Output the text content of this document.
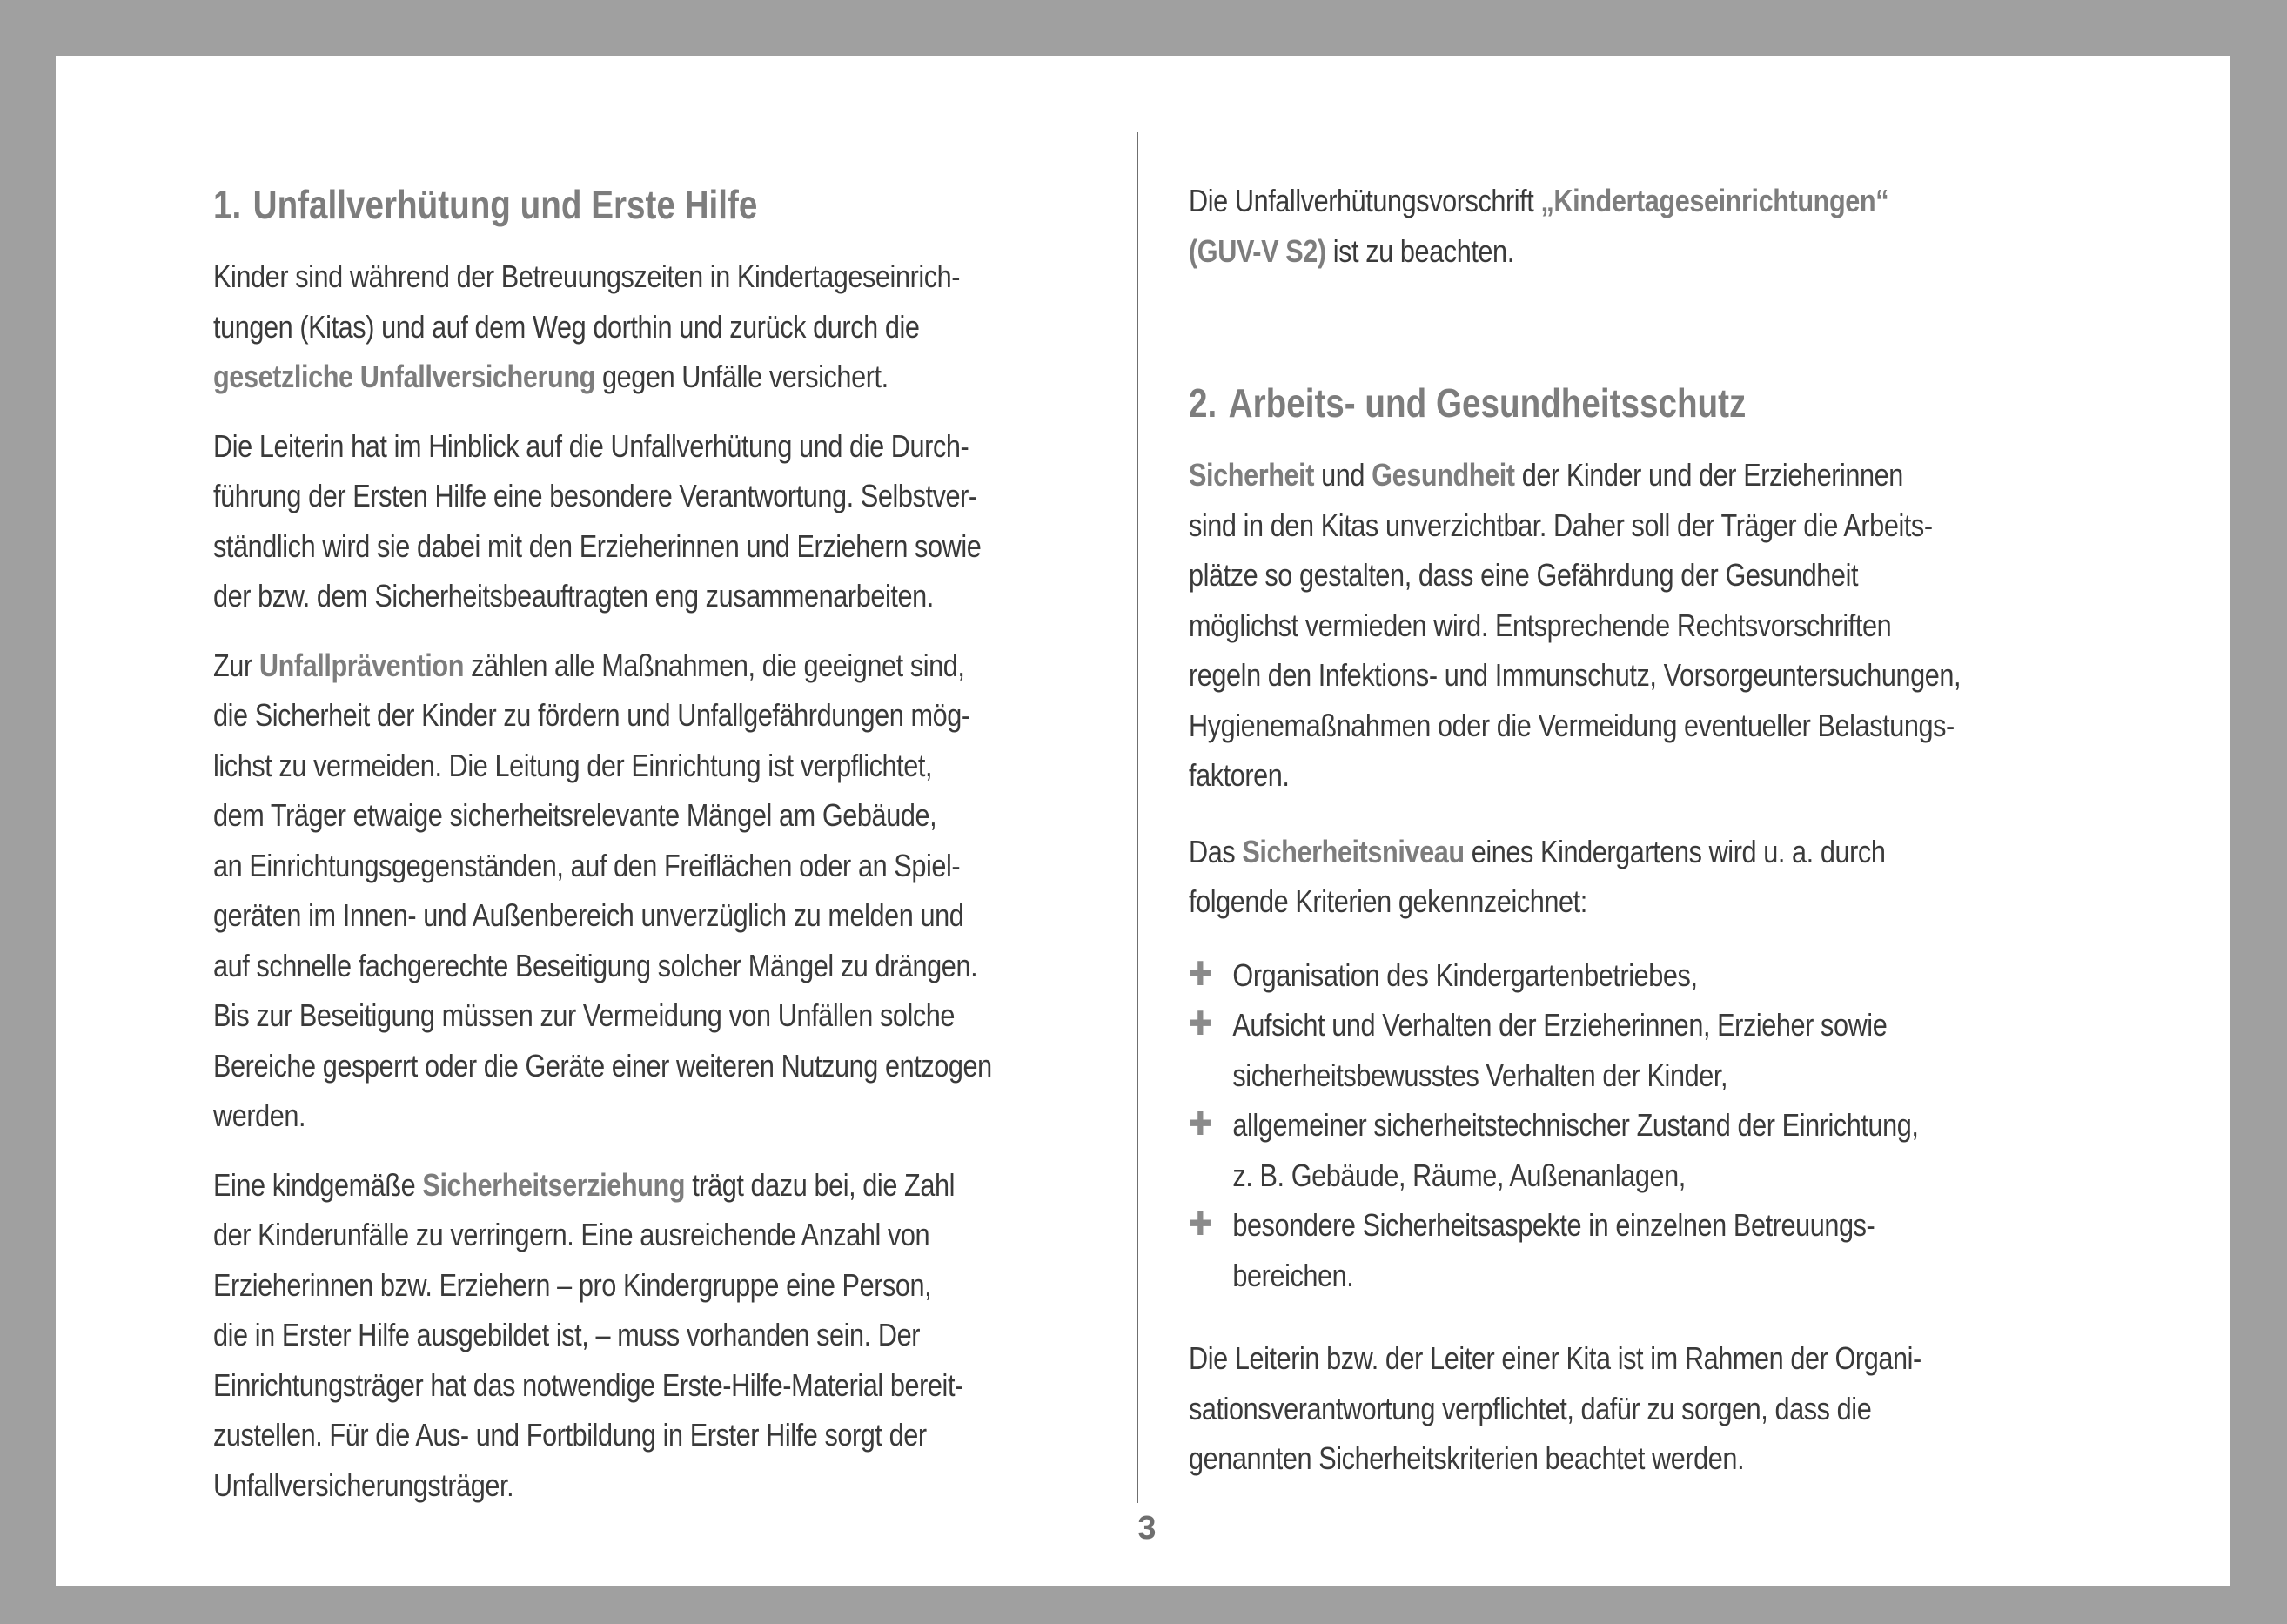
1. Unfallverhütung und Erste Hilfe

Kinder sind während der Betreuungszeiten in Kindertageseinrich-

tungen (Kitas) und auf dem Weg dorthin und zurück durch die

gesetzliche Unfallversicherung gegen Unfälle versichert.

Die Leiterin hat im Hinblick auf die Unfallverhütung und die Durch-

führung der Ersten Hilfe eine besondere Verantwortung. Selbstver-

ständlich wird sie dabei mit den Erzieherinnen und Erziehern sowie

der bzw. dem Sicherheitsbeauftragten eng zusammenarbeiten.

Zur Unfallprävention zählen alle Maßnahmen, die geeignet sind,

die Sicherheit der Kinder zu fördern und Unfallgefährdungen mög-

lichst zu vermeiden. Die Leitung der Einrichtung ist verpflichtet,

dem Träger etwaige sicherheitsrelevante Mängel am Gebäude,

an Einrichtungsgegenständen, auf den Freiflächen oder an Spiel-

geräten im Innen- und Außenbereich unverzüglich zu melden und

auf schnelle fachgerechte Beseitigung solcher Mängel zu drängen.

Bis zur Beseitigung müssen zur Vermeidung von Unfällen solche

Bereiche gesperrt oder die Geräte einer weiteren Nutzung entzogen

werden.

Eine kindgemäße Sicherheitserziehung trägt dazu bei, die Zahl

der Kinderunfälle zu verringern. Eine ausreichende Anzahl von

Erzieherinnen bzw. Erziehern – pro Kindergruppe eine Person,

die in Erster Hilfe ausgebildet ist, – muss vorhanden sein. Der

Einrichtungsträger hat das notwendige Erste-Hilfe-Material bereit-

zustellen. Für die Aus- und Fortbildung in Erster Hilfe sorgt der

Unfallversicherungsträger.

Die Unfallverhütungsvorschrift „Kindertageseinrichtungen“

(GUV-V S2) ist zu beachten.

2. Arbeits- und Gesundheitsschutz

Sicherheit und Gesundheit der Kinder und der Erzieherinnen

sind in den Kitas unverzichtbar. Daher soll der Träger die Arbeits-

plätze so gestalten, dass eine Gefährdung der Gesundheit

möglichst vermieden wird. Entsprechende Rechtsvorschriften

regeln den Infektions- und Immunschutz, Vorsorgeuntersuchungen,

Hygienemaßnahmen oder die Vermeidung eventueller Belastungs-

faktoren.

Das Sicherheitsniveau eines Kindergartens wird u. a. durch

folgende Kriterien gekennzeichnet:

✚ Organisation des Kindergartenbetriebes,

✚ Aufsicht und Verhalten der Erzieherinnen, Erzieher sowie

sicherheitsbewusstes Verhalten der Kinder,

✚ allgemeiner sicherheitstechnischer Zustand der Einrichtung,

z. B. Gebäude, Räume, Außenanlagen,

✚ besondere Sicherheitsaspekte in einzelnen Betreuungs-

bereichen.

Die Leiterin bzw. der Leiter einer Kita ist im Rahmen der Organi-

sationsverantwortung verpflichtet, dafür zu sorgen, dass die

genannten Sicherheitskriterien beachtet werden.

3
